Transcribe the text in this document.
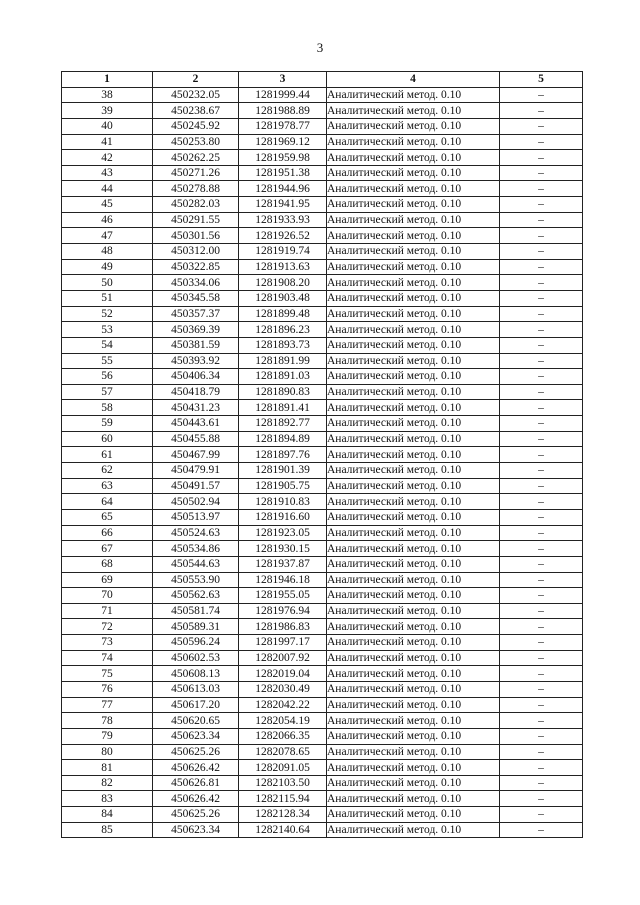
3
1	2	3	4	5
38	450232.05	1281999.44	Аналитический метод. 0.10	–
39	450238.67	1281988.89	Аналитический метод. 0.10	–
40	450245.92	1281978.77	Аналитический метод. 0.10	–
41	450253.80	1281969.12	Аналитический метод. 0.10	–
42	450262.25	1281959.98	Аналитический метод. 0.10	–
43	450271.26	1281951.38	Аналитический метод. 0.10	–
44	450278.88	1281944.96	Аналитический метод. 0.10	–
45	450282.03	1281941.95	Аналитический метод. 0.10	–
46	450291.55	1281933.93	Аналитический метод. 0.10	–
47	450301.56	1281926.52	Аналитический метод. 0.10	–
48	450312.00	1281919.74	Аналитический метод. 0.10	–
49	450322.85	1281913.63	Аналитический метод. 0.10	–
50	450334.06	1281908.20	Аналитический метод. 0.10	–
51	450345.58	1281903.48	Аналитический метод. 0.10	–
52	450357.37	1281899.48	Аналитический метод. 0.10	–
53	450369.39	1281896.23	Аналитический метод. 0.10	–
54	450381.59	1281893.73	Аналитический метод. 0.10	–
55	450393.92	1281891.99	Аналитический метод. 0.10	–
56	450406.34	1281891.03	Аналитический метод. 0.10	–
57	450418.79	1281890.83	Аналитический метод. 0.10	–
58	450431.23	1281891.41	Аналитический метод. 0.10	–
59	450443.61	1281892.77	Аналитический метод. 0.10	–
60	450455.88	1281894.89	Аналитический метод. 0.10	–
61	450467.99	1281897.76	Аналитический метод. 0.10	–
62	450479.91	1281901.39	Аналитический метод. 0.10	–
63	450491.57	1281905.75	Аналитический метод. 0.10	–
64	450502.94	1281910.83	Аналитический метод. 0.10	–
65	450513.97	1281916.60	Аналитический метод. 0.10	–
66	450524.63	1281923.05	Аналитический метод. 0.10	–
67	450534.86	1281930.15	Аналитический метод. 0.10	–
68	450544.63	1281937.87	Аналитический метод. 0.10	–
69	450553.90	1281946.18	Аналитический метод. 0.10	–
70	450562.63	1281955.05	Аналитический метод. 0.10	–
71	450581.74	1281976.94	Аналитический метод. 0.10	–
72	450589.31	1281986.83	Аналитический метод. 0.10	–
73	450596.24	1281997.17	Аналитический метод. 0.10	–
74	450602.53	1282007.92	Аналитический метод. 0.10	–
75	450608.13	1282019.04	Аналитический метод. 0.10	–
76	450613.03	1282030.49	Аналитический метод. 0.10	–
77	450617.20	1282042.22	Аналитический метод. 0.10	–
78	450620.65	1282054.19	Аналитический метод. 0.10	–
79	450623.34	1282066.35	Аналитический метод. 0.10	–
80	450625.26	1282078.65	Аналитический метод. 0.10	–
81	450626.42	1282091.05	Аналитический метод. 0.10	–
82	450626.81	1282103.50	Аналитический метод. 0.10	–
83	450626.42	1282115.94	Аналитический метод. 0.10	–
84	450625.26	1282128.34	Аналитический метод. 0.10	–
85	450623.34	1282140.64	Аналитический метод. 0.10	–
